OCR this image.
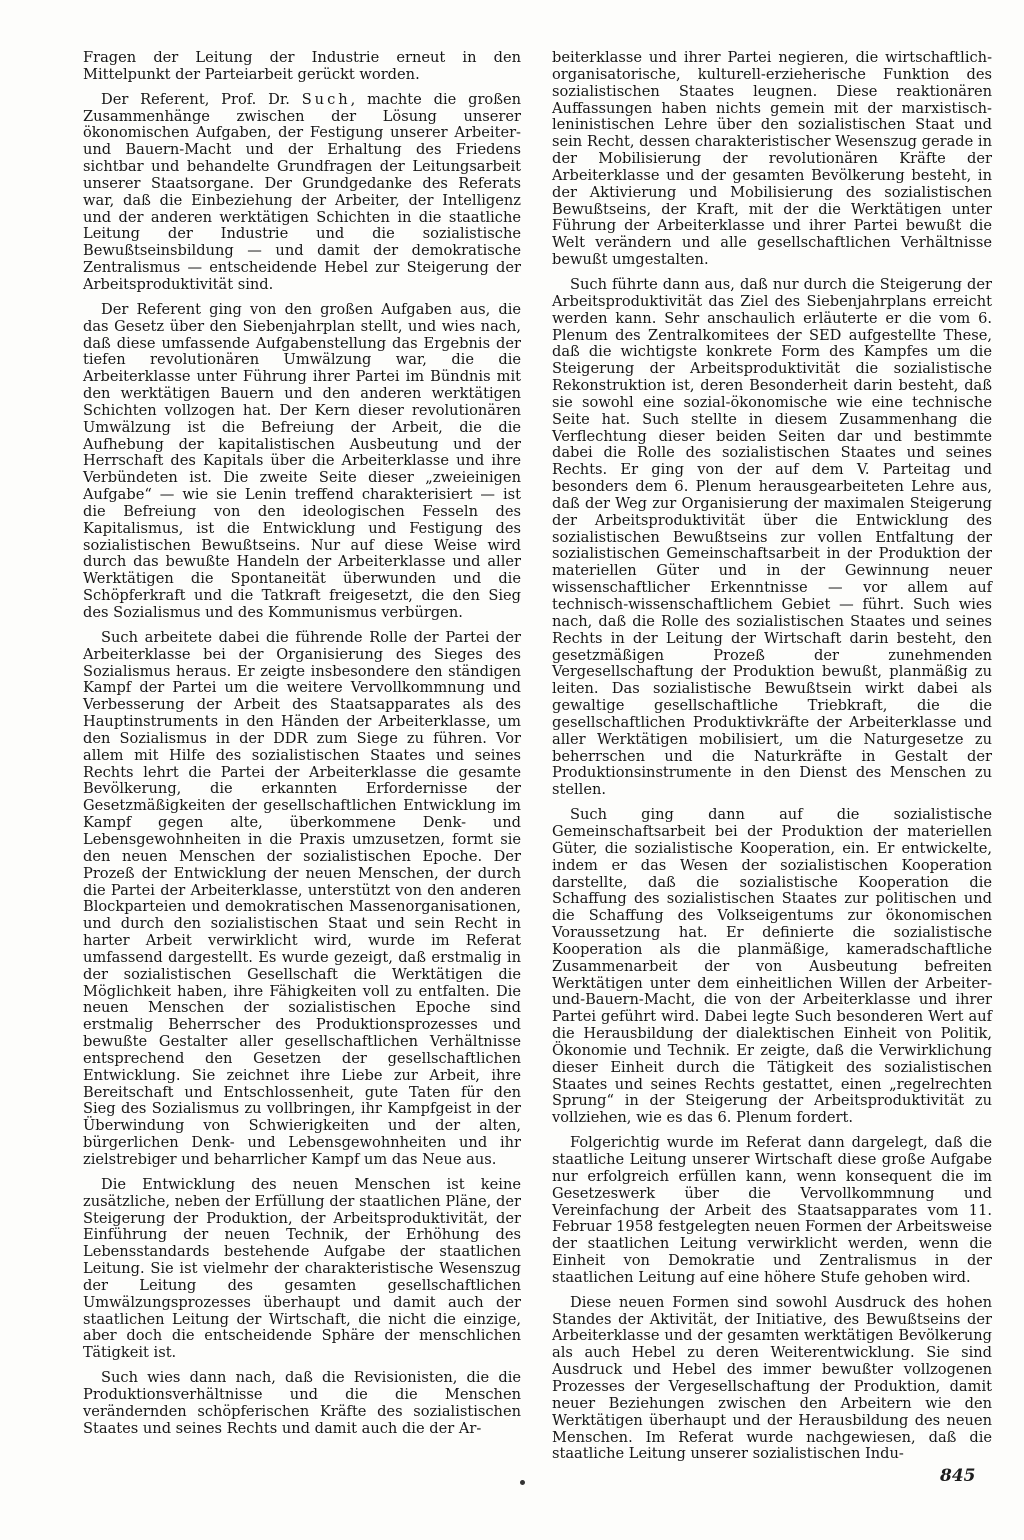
Fragen der Leitung der Industrie erneut in den Mittelpunkt der Parteiarbeit gerückt worden.

Der Referent, Prof. Dr. Such, machte die großen Zusammenhänge zwischen der Lösung unserer ökonomischen Aufgaben, der Festigung unserer Arbeiter-und Bauern-Macht und der Erhaltung des Friedens sichtbar und behandelte Grundfragen der Leitungsarbeit unserer Staatsorgane. Der Grundgedanke des Referats war, daß die Einbeziehung der Arbeiter, der Intelligenz und der anderen werktätigen Schichten in die staatliche Leitung der Industrie und die sozialistische Bewußtseinsbildung — und damit der demokratische Zentralismus — entscheidende Hebel zur Steigerung der Arbeitsproduktivität sind.

Der Referent ging von den großen Aufgaben aus, die das Gesetz über den Siebenjahrplan stellt, und wies nach, daß diese umfassende Aufgabenstellung das Ergebnis der tiefen revolutionären Umwälzung war, die die Arbeiterklasse unter Führung ihrer Partei im Bündnis mit den werktätigen Bauern und den anderen werktätigen Schichten vollzogen hat. Der Kern dieser revolutionären Umwälzung ist die Befreiung der Arbeit, die die Aufhebung der kapitalistischen Ausbeutung und der Herrschaft des Kapitals über die Arbeiterklasse und ihre Verbündeten ist. Die zweite Seite dieser „zweieinigen Aufgabe“ — wie sie Lenin treffend charakterisiert — ist die Befreiung von den ideologischen Fesseln des Kapitalismus, ist die Entwicklung und Festigung des sozialistischen Bewußtseins. Nur auf diese Weise wird durch das bewußte Handeln der Arbeiterklasse und aller Werktätigen die Spontaneität überwunden und die Schöpferkraft und die Tatkraft freigesetzt, die den Sieg des Sozialismus und des Kommunismus verbürgen.

Such arbeitete dabei die führende Rolle der Partei der Arbeiterklasse bei der Organisierung des Sieges des Sozialismus heraus. Er zeigte insbesondere den ständigen Kampf der Partei um die weitere Vervollkommnung und Verbesserung der Arbeit des Staatsapparates als des Hauptinstruments in den Händen der Arbeiterklasse, um den Sozialismus in der DDR zum Siege zu führen. Vor allem mit Hilfe des sozialistischen Staates und seines Rechts lehrt die Partei der Arbeiterklasse die gesamte Bevölkerung, die erkannten Erfordernisse der Gesetzmäßigkeiten der gesellschaftlichen Entwicklung im Kampf gegen alte, überkommene Denk- und Lebensgewohnheiten in die Praxis umzusetzen, formt sie den neuen Menschen der sozialistischen Epoche. Der Prozeß der Entwicklung der neuen Menschen, der durch die Partei der Arbeiterklasse, unterstützt von den anderen Blockparteien und demokratischen Massenorganisationen, und durch den sozialistischen Staat und sein Recht in harter Arbeit verwirklicht wird, wurde im Referat umfassend dargestellt. Es wurde gezeigt, daß erstmalig in der sozialistischen Gesellschaft die Werktätigen die Möglichkeit haben, ihre Fähigkeiten voll zu entfalten. Die neuen Menschen der sozialistischen Epoche sind erstmalig Beherrscher des Produktionsprozesses und bewußte Gestalter aller gesellschaftlichen Verhältnisse entsprechend den Gesetzen der gesellschaftlichen Entwicklung. Sie zeichnet ihre Liebe zur Arbeit, ihre Bereitschaft und Entschlossenheit, gute Taten für den Sieg des Sozialismus zu vollbringen, ihr Kampfgeist in der Überwindung von Schwierigkeiten und der alten, bürgerlichen Denk- und Lebensgewohnheiten und ihr zielstrebiger und beharrlicher Kampf um das Neue aus.

Die Entwicklung des neuen Menschen ist keine zusätzliche, neben der Erfüllung der staatlichen Pläne, der Steigerung der Produktion, der Arbeitsproduktivität, der Einführung der neuen Technik, der Erhöhung des Lebensstandards bestehende Aufgabe der staatlichen Leitung. Sie ist vielmehr der charakteristische Wesenszug der Leitung des gesamten gesellschaftlichen Umwälzungsprozesses überhaupt und damit auch der staatlichen Leitung der Wirtschaft, die nicht die einzige, aber doch die entscheidende Sphäre der menschlichen Tätigkeit ist.

Such wies dann nach, daß die Revisionisten, die die Produktionsverhältnisse und die die Menschen verändernden schöpferischen Kräfte des sozialistischen Staates und seines Rechts und damit auch die der Ar-

beiterklasse und ihrer Partei negieren, die wirtschaftlich-organisatorische, kulturell-erzieherische Funktion des sozialistischen Staates leugnen. Diese reaktionären Auffassungen haben nichts gemein mit der marxistisch-leninistischen Lehre über den sozialistischen Staat und sein Recht, dessen charakteristischer Wesenszug gerade in der Mobilisierung der revolutionären Kräfte der Arbeiterklasse und der gesamten Bevölkerung besteht, in der Aktivierung und Mobilisierung des sozialistischen Bewußtseins, der Kraft, mit der die Werktätigen unter Führung der Arbeiterklasse und ihrer Partei bewußt die Welt verändern und alle gesellschaftlichen Verhältnisse bewußt umgestalten.

Such führte dann aus, daß nur durch die Steigerung der Arbeitsproduktivität das Ziel des Siebenjahrplans erreicht werden kann. Sehr anschaulich erläuterte er die vom 6. Plenum des Zentralkomitees der SED aufgestellte These, daß die wichtigste konkrete Form des Kampfes um die Steigerung der Arbeitsproduktivität die sozialistische Rekonstruktion ist, deren Besonderheit darin besteht, daß sie sowohl eine sozial-ökonomische wie eine technische Seite hat. Such stellte in diesem Zusammenhang die Verflechtung dieser beiden Seiten dar und bestimmte dabei die Rolle des sozialistischen Staates und seines Rechts. Er ging von der auf dem V. Parteitag und besonders dem 6. Plenum herausgearbeiteten Lehre aus, daß der Weg zur Organisierung der maximalen Steigerung der Arbeitsproduktivität über die Entwicklung des sozialistischen Bewußtseins zur vollen Entfaltung der sozialistischen Gemeinschaftsarbeit in der Produktion der materiellen Güter und in der Gewinnung neuer wissenschaftlicher Erkenntnisse — vor allem auf technisch-wissenschaftlichem Gebiet — führt. Such wies nach, daß die Rolle des sozialistischen Staates und seines Rechts in der Leitung der Wirtschaft darin besteht, den gesetzmäßigen Prozeß der zunehmenden Vergesellschaftung der Produktion bewußt, planmäßig zu leiten. Das sozialistische Bewußtsein wirkt dabei als gewaltige gesellschaftliche Triebkraft, die die gesellschaftlichen Produktivkräfte der Arbeiterklasse und aller Werktätigen mobilisiert, um die Naturgesetze zu beherrschen und die Naturkräfte in Gestalt der Produktionsinstrumente in den Dienst des Menschen zu stellen.

Such ging dann auf die sozialistische Gemeinschaftsarbeit bei der Produktion der materiellen Güter, die sozialistische Kooperation, ein. Er entwickelte, indem er das Wesen der sozialistischen Kooperation darstellte, daß die sozialistische Kooperation die Schaffung des sozialistischen Staates zur politischen und die Schaffung des Volkseigentums zur ökonomischen Voraussetzung hat. Er definierte die sozialistische Kooperation als die planmäßige, kameradschaftliche Zusammenarbeit der von Ausbeutung befreiten Werktätigen unter dem einheitlichen Willen der Arbeiter-und-Bauern-Macht, die von der Arbeiterklasse und ihrer Partei geführt wird. Dabei legte Such besonderen Wert auf die Herausbildung der dialektischen Einheit von Politik, Ökonomie und Technik. Er zeigte, daß die Verwirklichung dieser Einheit durch die Tätigkeit des sozialistischen Staates und seines Rechts gestattet, einen „regelrechten Sprung“ in der Steigerung der Arbeitsproduktivität zu vollziehen, wie es das 6. Plenum fordert.

Folgerichtig wurde im Referat dann dargelegt, daß die staatliche Leitung unserer Wirtschaft diese große Aufgabe nur erfolgreich erfüllen kann, wenn konsequent die im Gesetzeswerk über die Vervollkommnung und Vereinfachung der Arbeit des Staatsapparates vom 11. Februar 1958 festgelegten neuen Formen der Arbeitsweise der staatlichen Leitung verwirklicht werden, wenn die Einheit von Demokratie und Zentralismus in der staatlichen Leitung auf eine höhere Stufe gehoben wird.

Diese neuen Formen sind sowohl Ausdruck des hohen Standes der Aktivität, der Initiative, des Bewußtseins der Arbeiterklasse und der gesamten werktätigen Bevölkerung als auch Hebel zu deren Weiterentwicklung. Sie sind Ausdruck und Hebel des immer bewußter vollzogenen Prozesses der Vergesellschaftung der Produktion, damit neuer Beziehungen zwischen den Arbeitern wie den Werktätigen überhaupt und der Herausbildung des neuen Menschen. Im Referat wurde nachgewiesen, daß die staatliche Leitung unserer sozialistischen Indu-

845
